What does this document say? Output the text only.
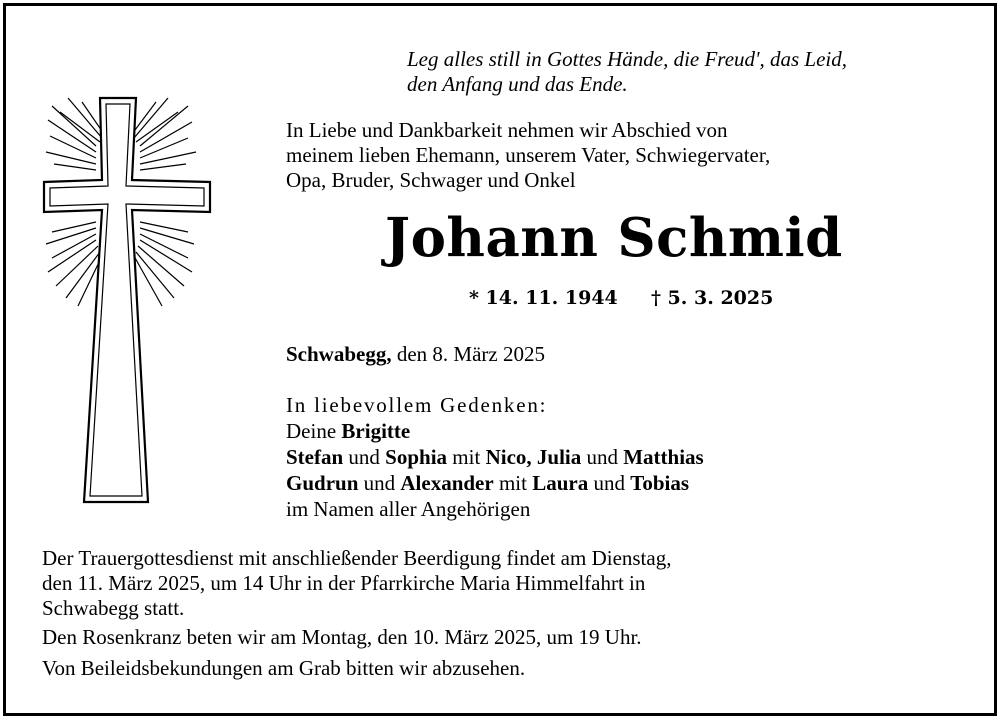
Leg alles still in Gottes Hände, die Freud', das Leid,
den Anfang und das Ende.
In Liebe und Dankbarkeit nehmen wir Abschied von
meinem lieben Ehemann, unserem Vater, Schwiegervater,
Opa, Bruder, Schwager und Onkel
Johann Schmid
* 14. 11. 1944 † 5. 3. 2025
Schwabegg, den 8. März 2025
In liebevollem Gedenken:
Deine Brigitte
Stefan und Sophia mit Nico, Julia und Matthias
Gudrun und Alexander mit Laura und Tobias
im Namen aller Angehörigen
Der Trauergottesdienst mit anschließender Beerdigung findet am Dienstag,
den 11. März 2025, um 14 Uhr in der Pfarrkirche Maria Himmelfahrt in
Schwabegg statt.
Den Rosenkranz beten wir am Montag, den 10. März 2025, um 19 Uhr.
Von Beileidsbekundungen am Grab bitten wir abzusehen.
